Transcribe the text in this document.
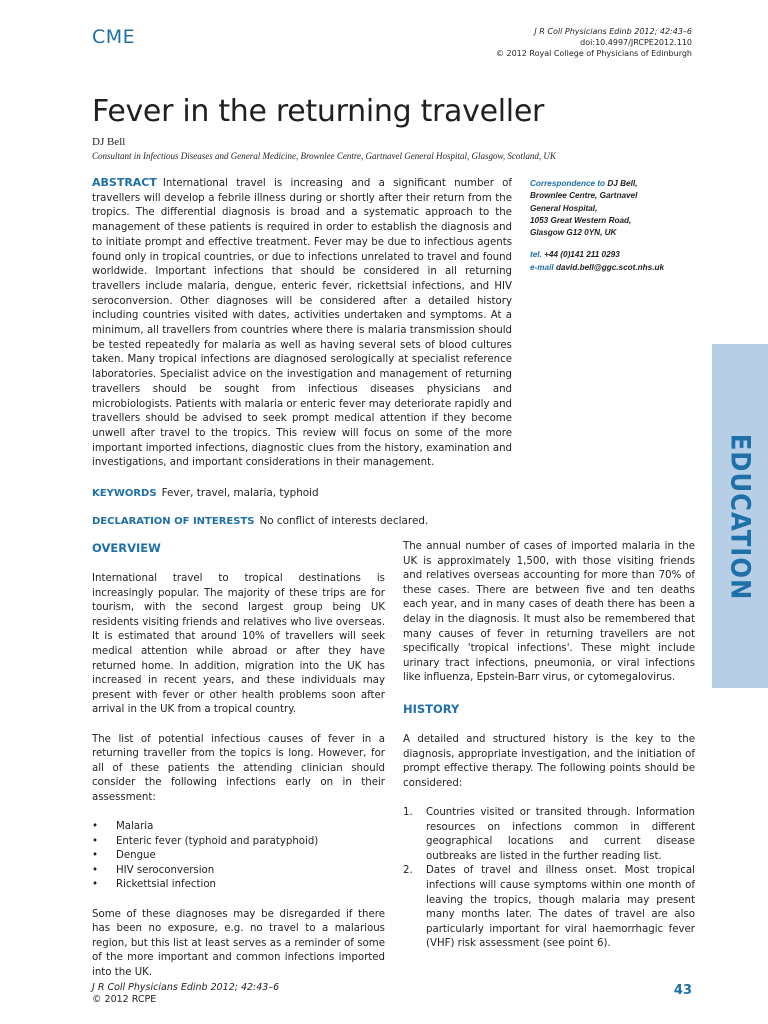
CME	J R Coll Physicians Edinb 2012; 42:43–6
doi:10.4997/JRCPE2012.110
© 2012 Royal College of Physicians of Edinburgh
Fever in the returning traveller
DJ Bell
Consultant in Infectious Diseases and General Medicine, Brownlee Centre, Gartnavel General Hospital, Glasgow, Scotland, UK
ABSTRACT International travel is increasing and a significant number of travellers will develop a febrile illness during or shortly after their return from the tropics. The differential diagnosis is broad and a systematic approach to the management of these patients is required in order to establish the diagnosis and to initiate prompt and effective treatment. Fever may be due to infectious agents found only in tropical countries, or due to infections unrelated to travel and found worldwide. Important infections that should be considered in all returning travellers include malaria, dengue, enteric fever, rickettsial infections, and HIV seroconversion. Other diagnoses will be considered after a detailed history including countries visited with dates, activities undertaken and symptoms. At a minimum, all travellers from countries where there is malaria transmission should be tested repeatedly for malaria as well as having several sets of blood cultures taken. Many tropical infections are diagnosed serologically at specialist reference laboratories. Specialist advice on the investigation and management of returning travellers should be sought from infectious diseases physicians and microbiologists. Patients with malaria or enteric fever may deteriorate rapidly and travellers should be advised to seek prompt medical attention if they become unwell after travel to the tropics. This review will focus on some of the more important imported infections, diagnostic clues from the history, examination and investigations, and important considerations in their management.
Correspondence to DJ Bell,
Brownlee Centre, Gartnavel
General Hospital,
1053 Great Western Road,
Glasgow G12 0YN, UK
tel. +44 (0)141 211 0293
e-mail david.bell@ggc.scot.nhs.uk
KEYWORDS Fever, travel, malaria, typhoid
DECLARATION OF INTERESTS No conflict of interests declared.
OVERVIEW

International travel to tropical destinations is increasingly popular. The majority of these trips are for tourism, with the second largest group being UK residents visiting friends and relatives who live overseas. It is estimated that around 10% of travellers will seek medical attention while abroad or after they have returned home. In addition, migration into the UK has increased in recent years, and these individuals may present with fever or other health problems soon after arrival in the UK from a tropical country.

The list of potential infectious causes of fever in a returning traveller from the topics is long. However, for all of these patients the attending clinician should consider the following infections early on in their assessment:

• Malaria
• Enteric fever (typhoid and paratyphoid)
• Dengue
• HIV seroconversion
• Rickettsial infection

Some of these diagnoses may be disregarded if there has been no exposure, e.g. no travel to a malarious region, but this list at least serves as a reminder of some of the more important and common infections imported into the UK.

The annual number of cases of imported malaria in the UK is approximately 1,500, with those visiting friends and relatives overseas accounting for more than 70% of these cases. There are between five and ten deaths each year, and in many cases of death there has been a delay in the diagnosis. It must also be remembered that many causes of fever in returning travellers are not specifically 'tropical infections'. These might include urinary tract infections, pneumonia, or viral infections like influenza, Epstein-Barr virus, or cytomegalovirus.

HISTORY

A detailed and structured history is the key to the diagnosis, appropriate investigation, and the initiation of prompt effective therapy. The following points should be considered:

1. Countries visited or transited through. Information resources on infections common in different geographical locations and current disease outbreaks are listed in the further reading list.
2. Dates of travel and illness onset. Most tropical infections will cause symptoms within one month of leaving the tropics, though malaria may present many months later. The dates of travel are also particularly important for viral haemorrhagic fever (VHF) risk assessment (see point 6).
EDUCATION
J R Coll Physicians Edinb 2012; 42:43–6
© 2012 RCPE
43
